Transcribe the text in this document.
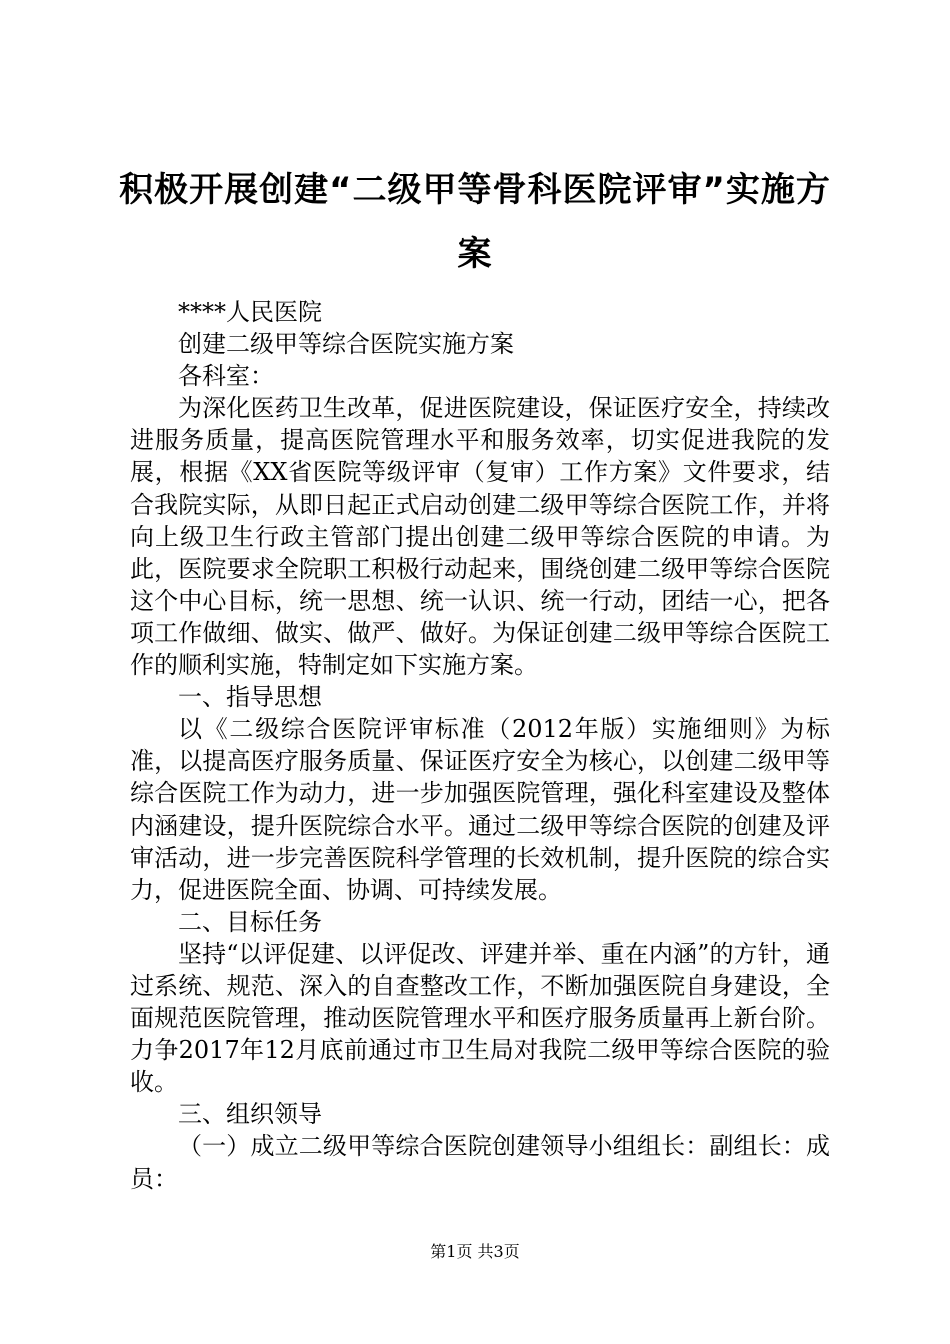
积极开展创建“二级甲等骨科医院评审”实施方案

****人民医院

创建二级甲等综合医院实施方案

各科室：

为深化医药卫生改革，促进医院建设，保证医疗安全，持续改进服务质量，提高医院管理水平和服务效率，切实促进我院的发展，根据《XX省医院等级评审（复审）工作方案》文件要求，结合我院实际，从即日起正式启动创建二级甲等综合医院工作，并将向上级卫生行政主管部门提出创建二级甲等综合医院的申请。为此，医院要求全院职工积极行动起来，围绕创建二级甲等综合医院这个中心目标，统一思想、统一认识、统一行动，团结一心，把各项工作做细、做实、做严、做好。为保证创建二级甲等综合医院工作的顺利实施，特制定如下实施方案。

一、指导思想

以《二级综合医院评审标准（2012年版）实施细则》为标准，以提高医疗服务质量、保证医疗安全为核心，以创建二级甲等综合医院工作为动力，进一步加强医院管理，强化科室建设及整体内涵建设，提升医院综合水平。通过二级甲等综合医院的创建及评审活动，进一步完善医院科学管理的长效机制，提升医院的综合实力，促进医院全面、协调、可持续发展。

二、目标任务

坚持“以评促建、以评促改、评建并举、重在内涵”的方针，通过系统、规范、深入的自查整改工作，不断加强医院自身建设，全面规范医院管理，推动医院管理水平和医疗服务质量再上新台阶。力争2017年12月底前通过市卫生局对我院二级甲等综合医院的验收。

三、组织领导

（一）成立二级甲等综合医院创建领导小组组长：副组长：成员：

第1页 共3页
